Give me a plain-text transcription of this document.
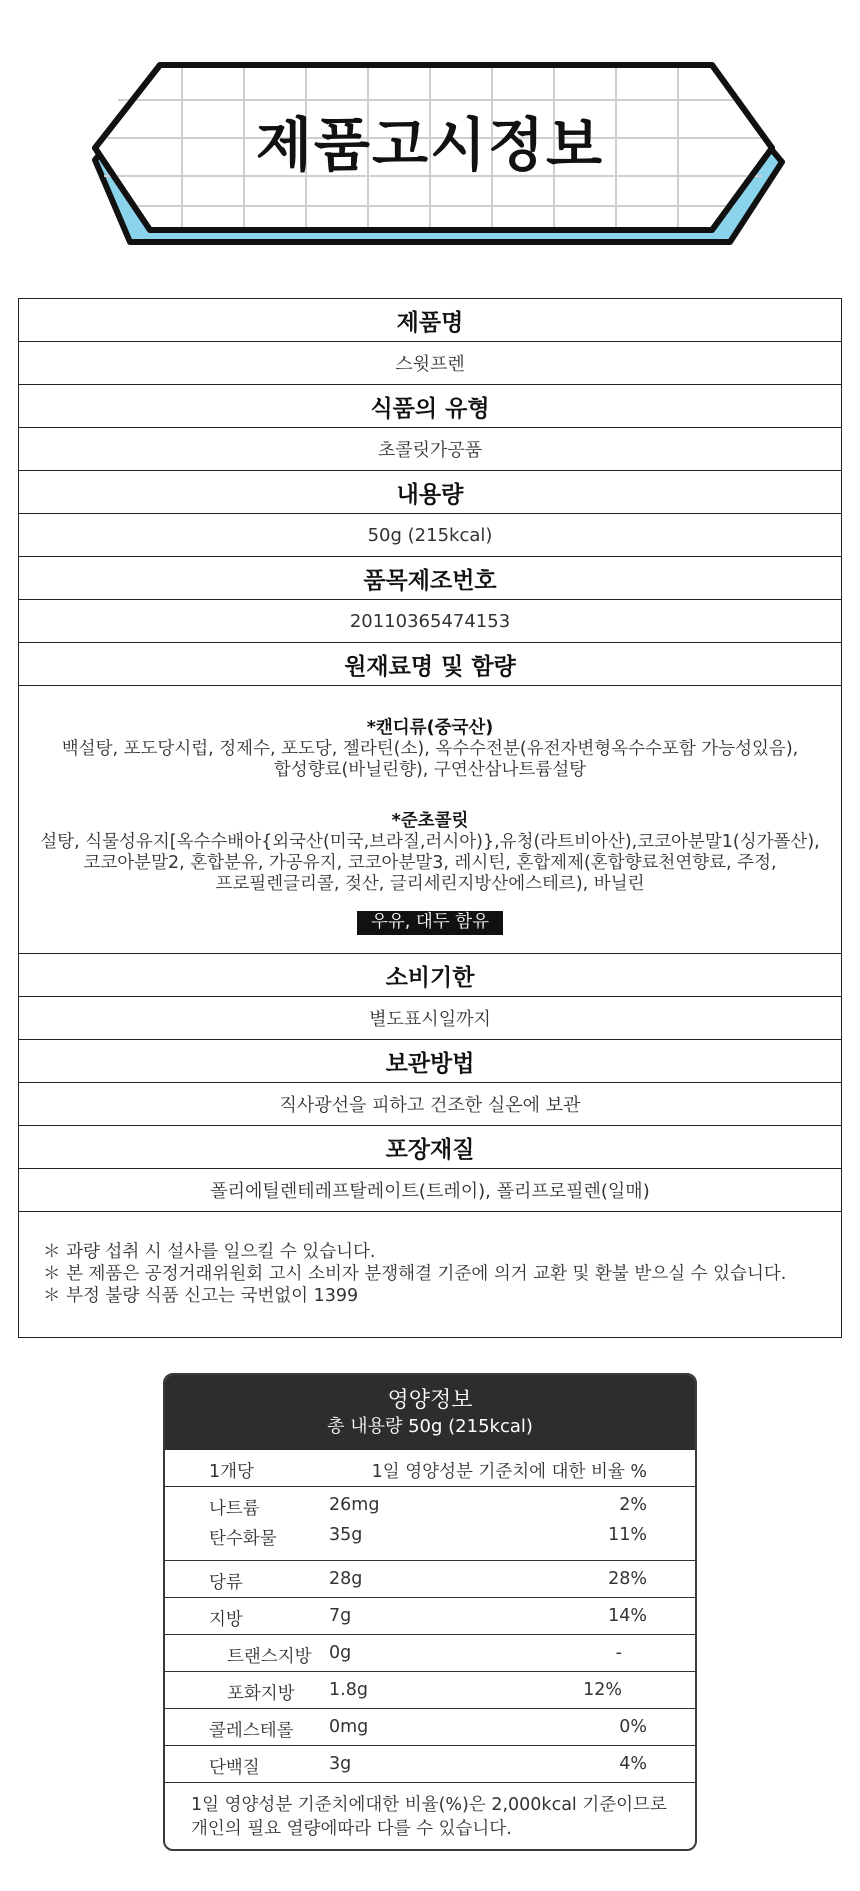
제품고시정보
제품명
스윗프렌
식품의 유형
초콜릿가공품
내용량
50g (215kcal)
품목제조번호
20110365474153
원재료명 및 함량
*캔디류(중국산)
백설탕, 포도당시럽, 정제수, 포도당, 젤라틴(소), 옥수수전분(유전자변형옥수수포함 가능성있음),
합성향료(바닐린향), 구연산삼나트륨설탕
*준초콜릿
설탕, 식물성유지[옥수수배아{외국산(미국,브라질,러시아)},유청(라트비아산),코코아분말1(싱가폴산),
코코아분말2, 혼합분유, 가공유지, 코코아분말3, 레시틴, 혼합제제(혼합향료천연향료, 주정,
프로필렌글리콜, 젖산, 글리세린지방산에스테르), 바닐린
우유, 대두 함유
소비기한
별도표시일까지
보관방법
직사광선을 피하고 건조한 실온에 보관
포장재질
폴리에틸렌테레프탈레이트(트레이), 폴리프로필렌(일매)
＊ 과량 섭취 시 설사를 일으킬 수 있습니다.
＊ 본 제품은 공정거래위원회 고시 소비자 분쟁해결 기준에 의거 교환 및 환불 받으실 수 있습니다.
＊ 부정 불량 식품 신고는 국번없이 1399
영양정보
총 내용량 50g (215kcal)
1개당	1일 영양성분 기준치에 대한 비율 %
나트륨	26mg	2%
탄수화물	35g	11%
당류	28g	28%
지방	7g	14%
트랜스지방 0g	-
포화지방 1.8g	12%
콜레스테롤 0mg	0%
단백질	3g	4%
1일 영양성분 기준치에대한 비율(%)은 2,000kcal 기준이므로
개인의 필요 열량에따라 다를 수 있습니다.
